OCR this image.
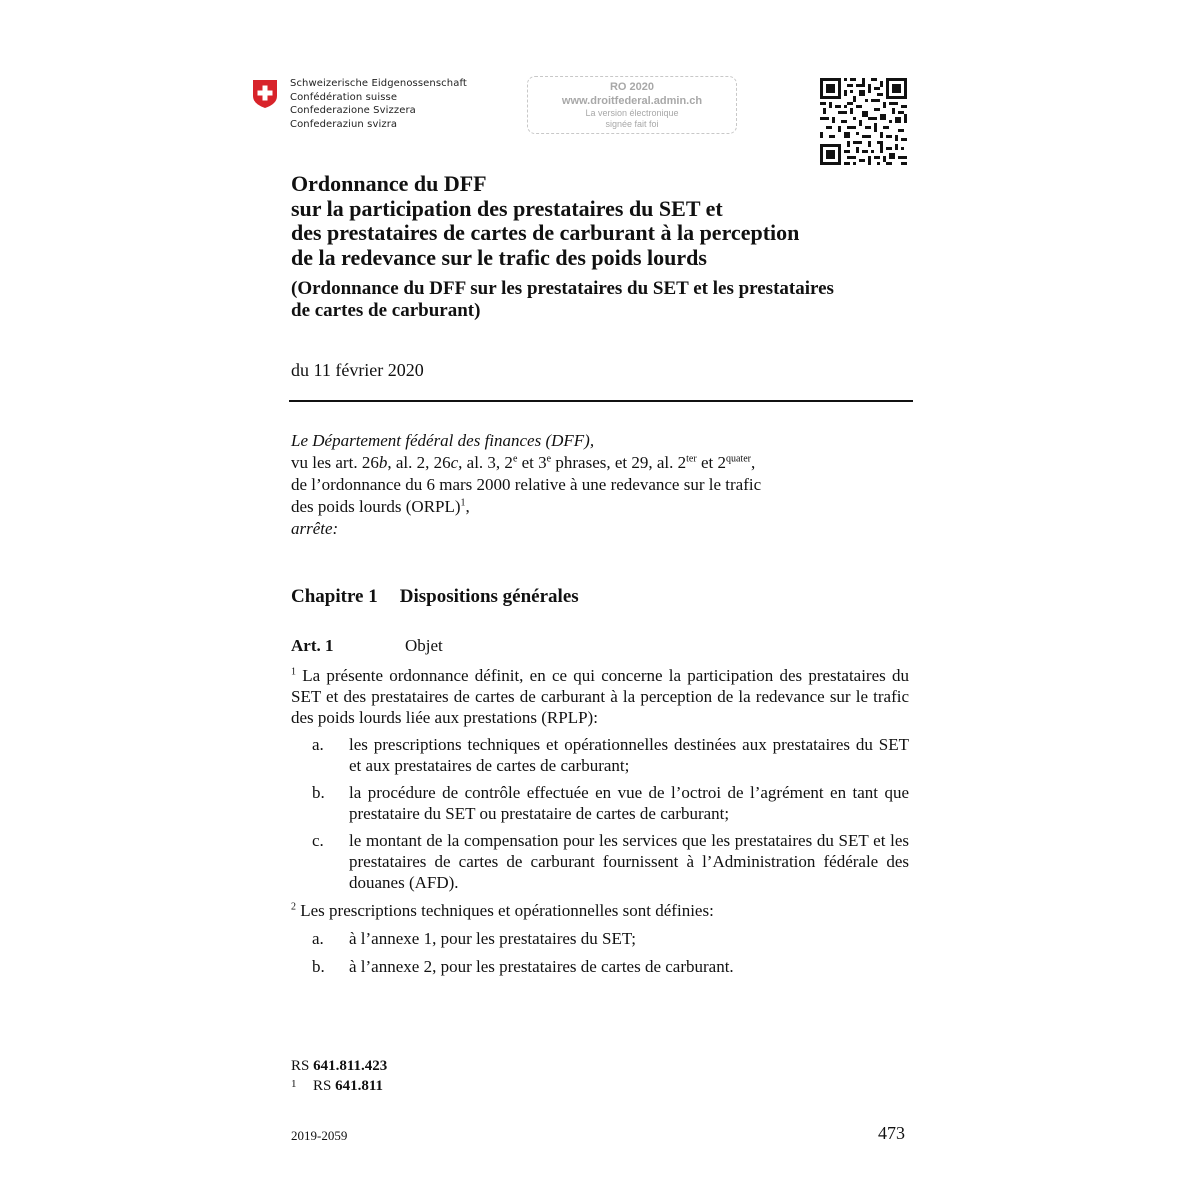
Schweizerische Eidgenossenschaft
Confédération suisse
Confederazione Svizzera
Confederaziun svizra
RO 2020
www.droitfederal.admin.ch
La version électronique
signée fait foi
Ordonnance du DFF
sur la participation des prestataires du SET et
des prestataires de cartes de carburant à la perception
de la redevance sur le trafic des poids lourds
(Ordonnance du DFF sur les prestataires du SET et les prestataires
de cartes de carburant)
du 11 février 2020
Le Département fédéral des finances (DFF),
vu les art. 26b, al. 2, 26c, al. 3, 2e et 3e phrases, et 29, al. $2^{ter}$ et $2^{quater}$,
de l’ordonnance du 6 mars 2000 relative à une redevance sur le trafic
des poids lourds (ORPL)$^1$,
arrête:
Chapitre 1 Dispositions générales
Art. 1	Objet
$^1$ La présente ordonnance définit, en ce qui concerne la participation des prestataires du SET et des prestataires de cartes de carburant à la perception de la redevance sur le trafic des poids lourds liée aux prestations (RPLP):
a.	les prescriptions techniques et opérationnelles destinées aux prestataires du SET et aux prestataires de cartes de carburant;
b.	la procédure de contrôle effectuée en vue de l’octroi de l’agrément en tant que prestataire du SET ou prestataire de cartes de carburant;
c.	le montant de la compensation pour les services que les prestataires du SET et les prestataires de cartes de carburant fournissent à l’Administration fédérale des douanes (AFD).
$^2$ Les prescriptions techniques et opérationnelles sont définies:
a.	à l’annexe 1, pour les prestataires du SET;
b.	à l’annexe 2, pour les prestataires de cartes de carburant.
RS 641.811.423
1 RS 641.811
2019-2059	473
